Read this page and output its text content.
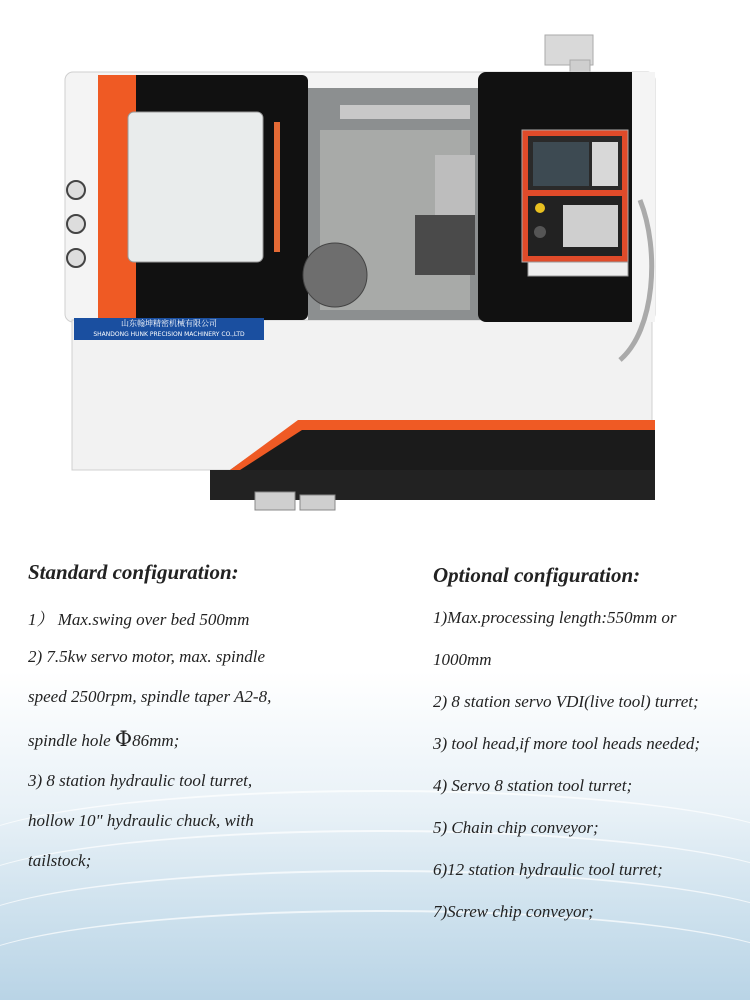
山东翰坤精密机械有限公司
SHANDONG HUNK PRECISION MACHINERY CO.,LTD
Standard configuration:

1） Max.swing over bed 500mm

2) 7.5kw servo motor, max. spindle

speed 2500rpm, spindle taper A2-8,

spindle hole Φ86mm;

3) 8 station hydraulic tool turret,

hollow 10" hydraulic chuck, with

tailstock;

Optional configuration:

1)Max.processing length:550mm or

1000mm

2) 8 station servo VDI(live tool) turret;

3) tool head,if more tool heads needed;

4) Servo 8 station tool turret;

5) Chain chip conveyor;

6)12 station hydraulic tool turret;

7)Screw chip conveyor;
